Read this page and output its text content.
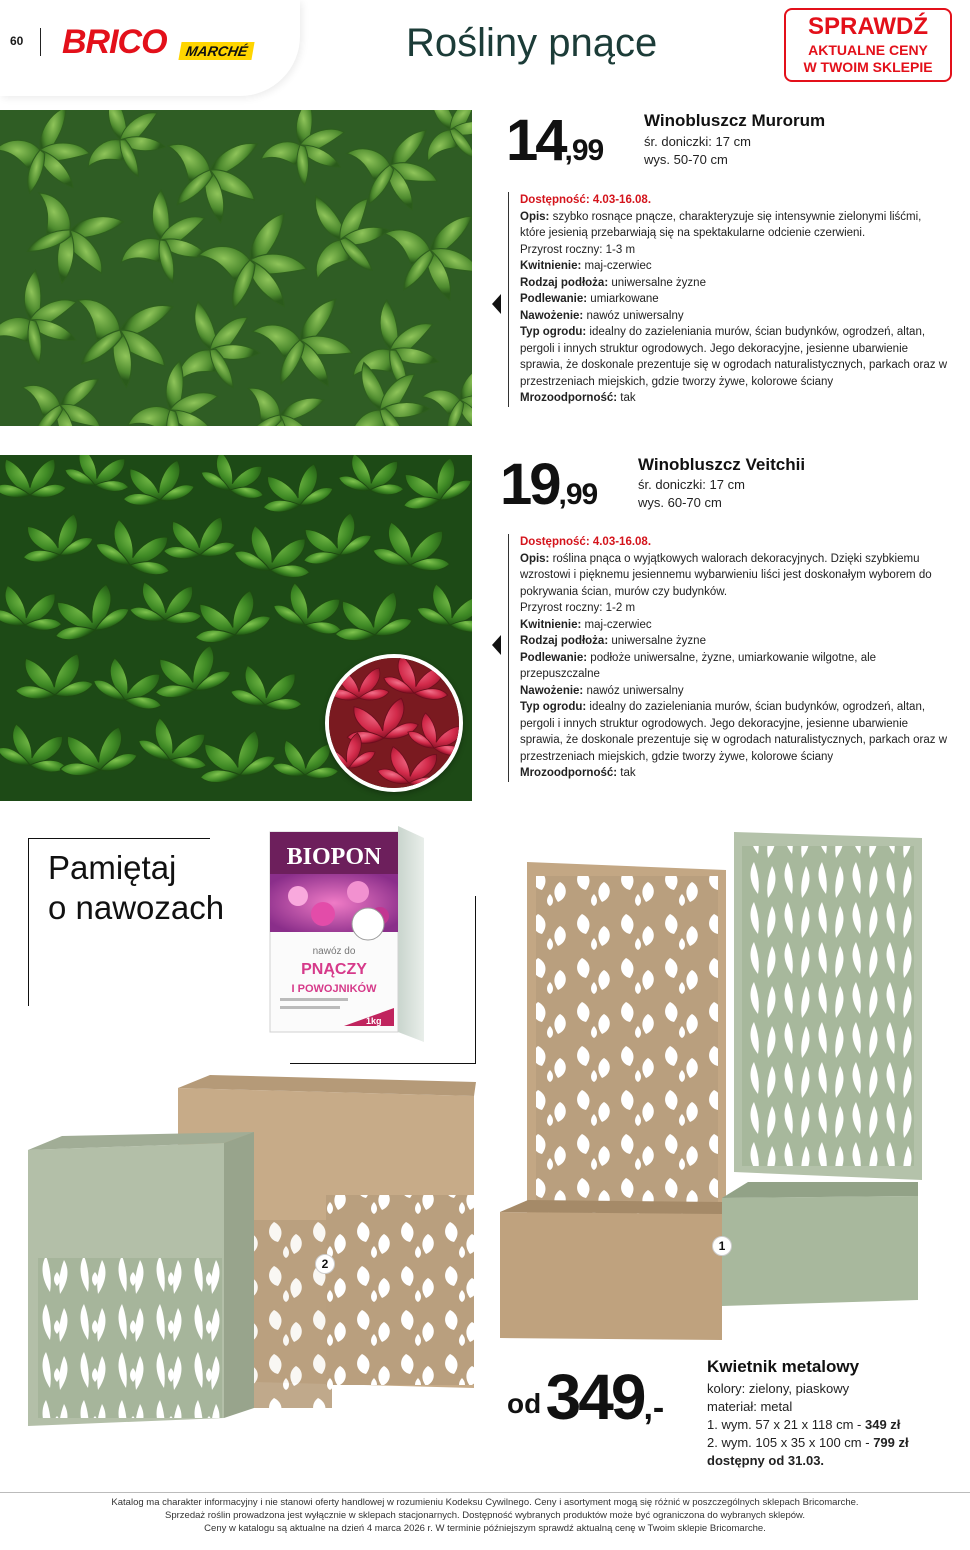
60 BRICO	MARCHÉ	Rośliny pnące	SPRAWDŹ
AKTUALNE CENY
W TWOIM SKLEPIE
14,99
Winobluszcz Murorum
śr. doniczki: 17 cm
wys. 50-70 cm
Dostępność: 4.03-16.08.
Opis: szybko rosnące pnącze, charakteryzuje się intensywnie zielonymi liśćmi, które jesienią przebarwiają się na spektakularne odcienie czerwieni.
Przyrost roczny: 1-3 m
Kwitnienie: maj-czerwiec
Rodzaj podłoża: uniwersalne żyzne
Podlewanie: umiarkowane
Nawożenie: nawóz uniwersalny
Typ ogrodu: idealny do zazieleniania murów, ścian budynków, ogrodzeń, altan, pergoli i innych struktur ogrodowych. Jego dekoracyjne, jesienne ubarwienie sprawia, że doskonale prezentuje się w ogrodach naturalistycznych, parkach oraz w przestrzeniach miejskich, gdzie tworzy żywe, kolorowe ściany
Mrozoodporność: tak
19,99
Winobluszcz Veitchii
śr. doniczki: 17 cm
wys. 60-70 cm
Dostępność: 4.03-16.08.
Opis: roślina pnąca o wyjątkowych walorach dekoracyjnych. Dzięki szybkiemu wzrostowi i pięknemu jesiennemu wybarwieniu liści jest doskonałym wyborem do pokrywania ścian, murów czy budynków.
Przyrost roczny: 1-2 m
Kwitnienie: maj-czerwiec
Rodzaj podłoża: uniwersalne żyzne
Podlewanie: podłoże uniwersalne, żyzne, umiarkowanie wilgotne, ale przepuszczalne
Nawożenie: nawóz uniwersalny
Typ ogrodu: idealny do zazieleniania murów, ścian budynków, ogrodzeń, altan, pergoli i innych struktur ogrodowych. Jego dekoracyjne, jesienne ubarwienie sprawia, że doskonale prezentuje się w ogrodach naturalistycznych, parkach oraz w przestrzeniach miejskich, gdzie tworzy żywe, kolorowe ściany
Mrozoodporność: tak
Pamiętaj
o nawozach
BIOPON
nawóz do
PNĄCZY
I POWOJNIKÓW
1kg
2
1
od 349,-
Kwietnik metalowy
kolory: zielony, piaskowy
materiał: metal
1. wym. 57 x 21 x 118 cm - 349 zł
2. wym. 105 x 35 x 100 cm - 799 zł
dostępny od 31.03.
Katalog ma charakter informacyjny i nie stanowi oferty handlowej w rozumieniu Kodeksu Cywilnego. Ceny i asortyment mogą się różnić w poszczególnych sklepach Bricomarche.
Sprzedaż roślin prowadzona jest wyłącznie w sklepach stacjonarnych. Dostępność wybranych produktów może być ograniczona do wybranych sklepów.
Ceny w katalogu są aktualne na dzień 4 marca 2026 r. W terminie późniejszym sprawdź aktualną cenę w Twoim sklepie Bricomarche.
